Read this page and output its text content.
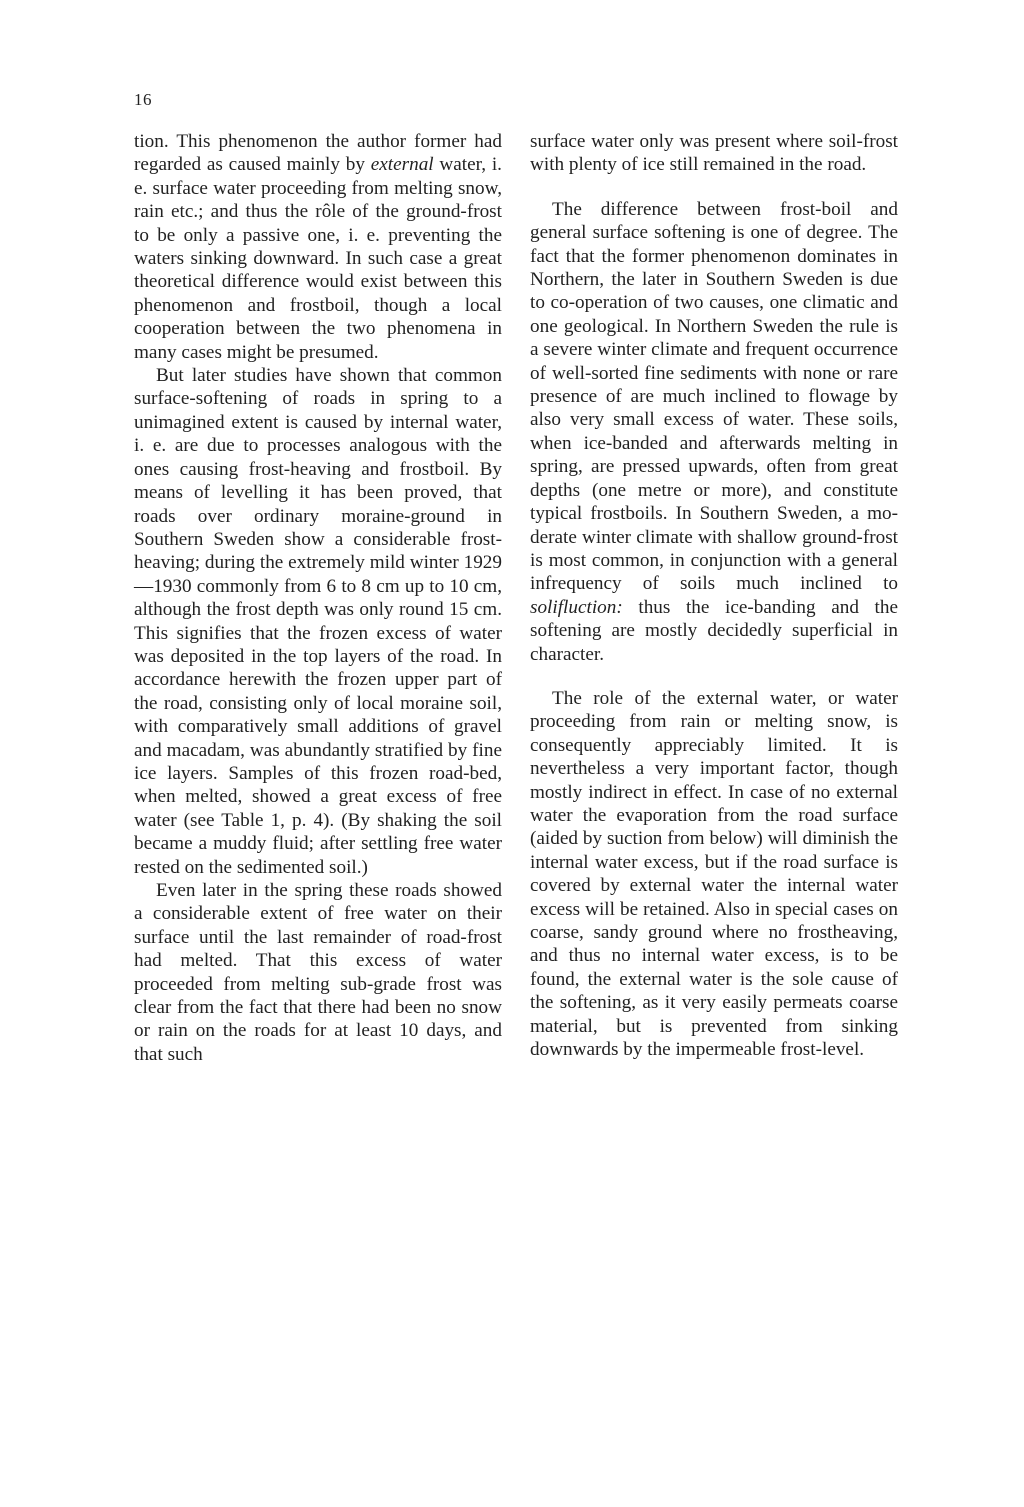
16

tion. This phenomenon the author former had regarded as caused mainly by external water, i. e. surface water proceeding from melting snow, rain etc.; and thus the rôle of the ground-frost to be only a passive one, i. e. preventing the waters sinking downward. In such case a great theoretical difference would exist between this phenomenon and frostboil, though a local cooperation between the two phenomena in many cases might be presumed.

But later studies have shown that common surface-softening of roads in spring to a unimagined extent is caused by internal water, i. e. are due to processes analogous with the ones causing frost-heaving and frostboil. By means of levelling it has been proved, that roads over ordinary moraine-ground in Southern Sweden show a considerable frost-heaving; during the extremely mild winter 1929—1930 commonly from 6 to 8 cm up to 10 cm, although the frost depth was only round 15 cm. This signifies that the frozen excess of water was deposited in the top layers of the road. In accordance herewith the frozen upper part of the road, consisting only of local moraine soil, with comparatively small additions of gravel and macadam, was abundantly stratified by fine ice layers. Samples of this frozen road-bed, when melted, showed a great excess of free water (see Table 1, p. 4). (By shaking the soil became a muddy fluid; after settling free water rested on the sedimented soil.)

Even later in the spring these roads showed a considerable extent of free water on their surface until the last remainder of road-frost had melted. That this excess of water proceeded from melting sub-grade frost was clear from the fact that there had been no snow or rain on the roads for at least 10 days, and that such

surface water only was present where soil-frost with plenty of ice still remained in the road.

The difference between frost-boil and general surface softening is one of degree. The fact that the former phenomenon dominates in Northern, the later in Southern Sweden is due to co-operation of two causes, one climatic and one geological. In Northern Sweden the rule is a severe winter climate and frequent occurrence of well-sorted fine sediments with none or rare presence of are much inclined to flowage by also very small excess of water. These soils, when ice-banded and afterwards melting in spring, are pressed upwards, often from great depths (one metre or more), and constitute typical frostboils. In Southern Sweden, a moderate winter climate with shallow ground-frost is most common, in conjunction with a general infrequency of soils much inclined to solifluction: thus the ice-banding and the softening are mostly decidedly superficial in character.

The role of the external water, or water proceeding from rain or melting snow, is consequently appreciably limited. It is nevertheless a very important factor, though mostly indirect in effect. In case of no external water the evaporation from the road surface (aided by suction from below) will diminish the internal water excess, but if the road surface is covered by external water the internal water excess will be retained. Also in special cases on coarse, sandy ground where no frostheaving, and thus no internal water excess, is to be found, the external water is the sole cause of the softening, as it very easily permeats coarse material, but is prevented from sinking downwards by the impermeable frost-level.
